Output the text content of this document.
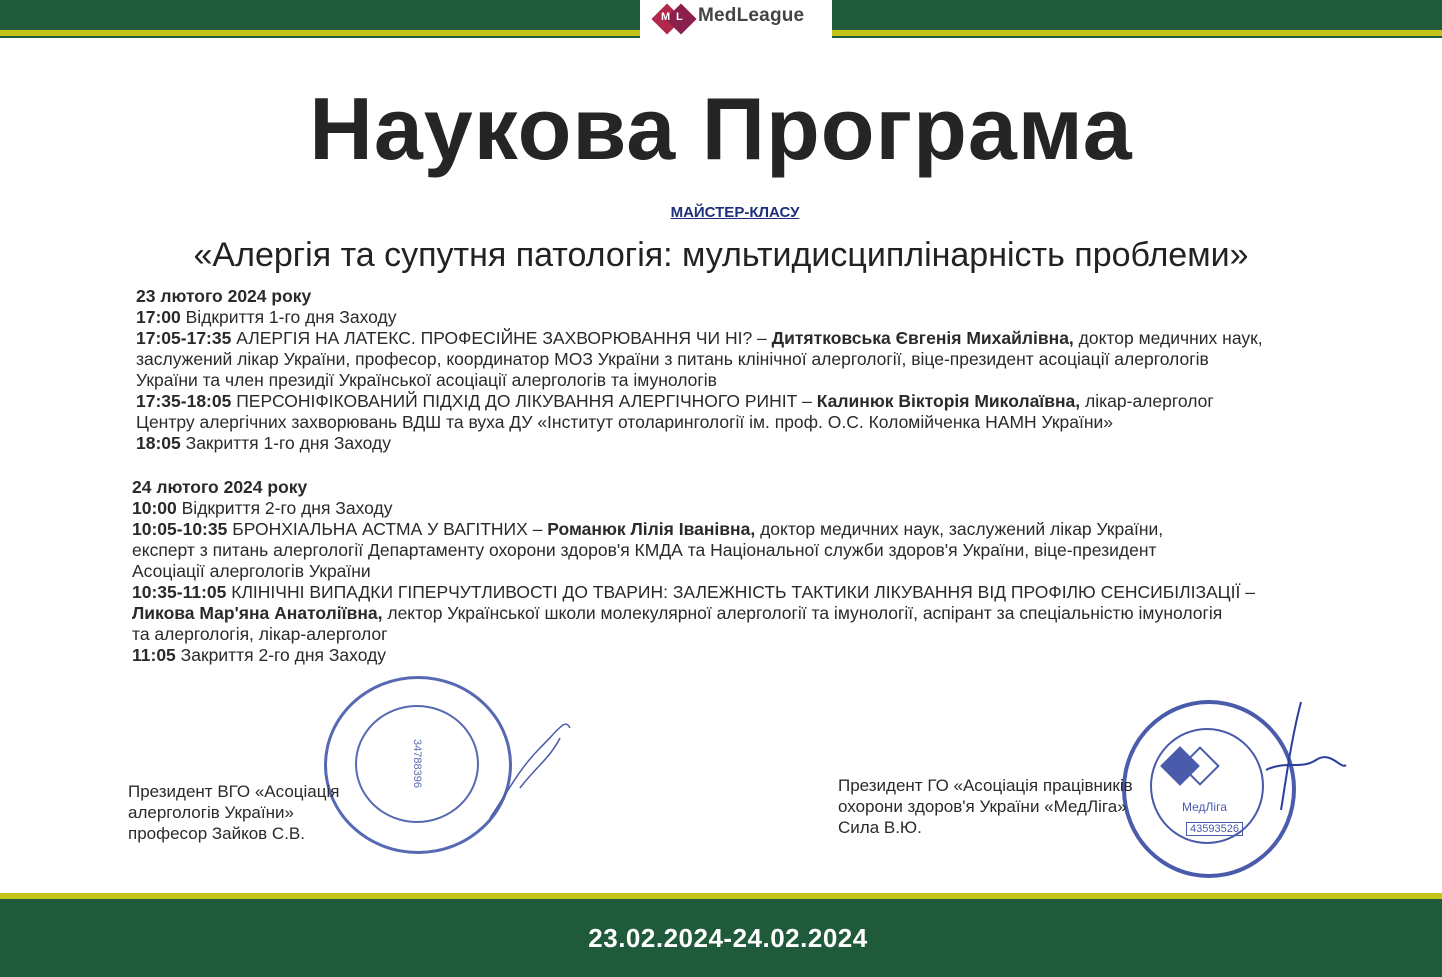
M L MedLeague

Наукова Програма
МАЙСТЕР-КЛАСУ
«Алергія та супутня патологія: мультидисциплінарність проблеми»
23 лютого 2024 року
17:00 Відкриття 1-го дня Заходу
17:05-17:35 АЛЕРГІЯ НА ЛАТЕКС. ПРОФЕСІЙНЕ ЗАХВОРЮВАННЯ ЧИ НІ? – Дитятковська Євгенія Михайлівна, доктор медичних наук,
заслужений лікар України, професор, координатор МОЗ України з питань клінічної алергології, віце-президент асоціації алергологів
України та член президії Української асоціації алергологів та імунологів
17:35-18:05 ПЕРСОНІФІКОВАНИЙ ПІДХІД ДО ЛІКУВАННЯ АЛЕРГІЧНОГО РИНІТ – Калинюк Вікторія Миколаївна, лікар-алерголог
Центру алергічних захворювань ВДШ та вуха ДУ «Інститут отоларингології ім. проф. О.С. Коломійченка НАМН України»
18:05 Закриття 1-го дня Заходу
24 лютого 2024 року
10:00 Відкриття 2-го дня Заходу
10:05-10:35 БРОНХІАЛЬНА АСТМА У ВАГІТНИХ – Романюк Лілія Іванівна, доктор медичних наук, заслужений лікар України,
експерт з питань алергології Департаменту охорони здоров'я КМДА та Національної служби здоров'я України, віце-президент
Асоціації алергологів України
10:35-11:05 КЛІНІЧНІ ВИПАДКИ ГІПЕРЧУТЛИВОСТІ ДО ТВАРИН: ЗАЛЕЖНІСТЬ ТАКТИКИ ЛІКУВАННЯ ВІД ПРОФІЛЮ СЕНСИБІЛІЗАЦІЇ –
Ликова Мар'яна Анатоліївна, лектор Української школи молекулярної алергології та імунології, аспірант за спеціальністю імунологія
та алергологія, лікар-алерголог
11:05 Закриття 2-го дня Заходу
34788396
МедЛіга
43593526
Президент ВГО «Асоціація
алергологів України»
професор Зайков С.В.
Президент ГО «Асоціація працівників
охорони здоров'я України «МедЛіга»
Сила В.Ю.
23.02.2024-24.02.2024
